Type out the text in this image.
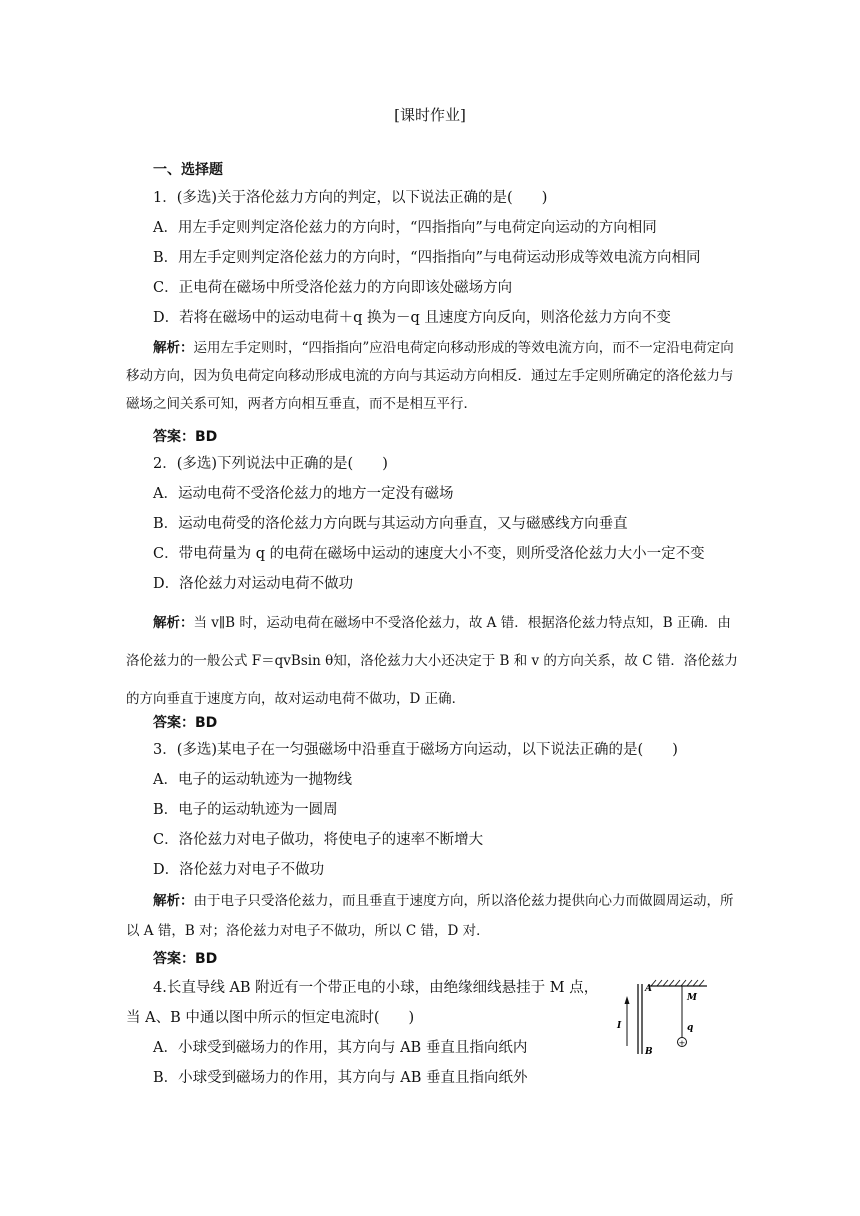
[课时作业]
一、选择题
1．(多选)关于洛伦兹力方向的判定，以下说法正确的是(　　)
A．用左手定则判定洛伦兹力的方向时，“四指指向”与电荷定向运动的方向相同
B．用左手定则判定洛伦兹力的方向时，“四指指向”与电荷运动形成等效电流方向相同
C．正电荷在磁场中所受洛伦兹力的方向即该处磁场方向
D．若将在磁场中的运动电荷＋q 换为－q 且速度方向反向，则洛伦兹力方向不变
解析：运用左手定则时，“四指指向”应沿电荷定向移动形成的等效电流方向，而不一定沿电荷定向移动方向，因为负电荷定向移动形成电流的方向与其运动方向相反．通过左手定则所确定的洛伦兹力与磁场之间关系可知，两者方向相互垂直，而不是相互平行．
答案：BD
2．(多选)下列说法中正确的是(　　)
A．运动电荷不受洛伦兹力的地方一定没有磁场
B．运动电荷受的洛伦兹力方向既与其运动方向垂直，又与磁感线方向垂直
C．带电荷量为 q 的电荷在磁场中运动的速度大小不变，则所受洛伦兹力大小一定不变
D．洛伦兹力对运动电荷不做功
解析：当 v∥B 时，运动电荷在磁场中不受洛伦兹力，故 A 错．根据洛伦兹力特点知，B 正确．由洛伦兹力的一般公式 F＝qvBsin θ知，洛伦兹力大小还决定于 B 和 v 的方向关系，故 C 错．洛伦兹力的方向垂直于速度方向，故对运动电荷不做功，D 正确．
答案：BD
3．(多选)某电子在一匀强磁场中沿垂直于磁场方向运动，以下说法正确的是(　　)
A．电子的运动轨迹为一抛物线
B．电子的运动轨迹为一圆周
C．洛伦兹力对电子做功，将使电子的速率不断增大
D．洛伦兹力对电子不做功
解析：由于电子只受洛伦兹力，而且垂直于速度方向，所以洛伦兹力提供向心力而做圆周运动，所以 A 错，B 对；洛伦兹力对电子不做功，所以 C 错，D 对．
答案：BD
4.长直导线 AB 附近有一个带正电的小球，由绝缘细线悬挂于 M 点，
当 A、B 中通以图中所示的恒定电流时(　　)
A．小球受到磁场力的作用，其方向与 AB 垂直且指向纸内
B．小球受到磁场力的作用，其方向与 AB 垂直且指向纸外
+
A
B
M
q
I
